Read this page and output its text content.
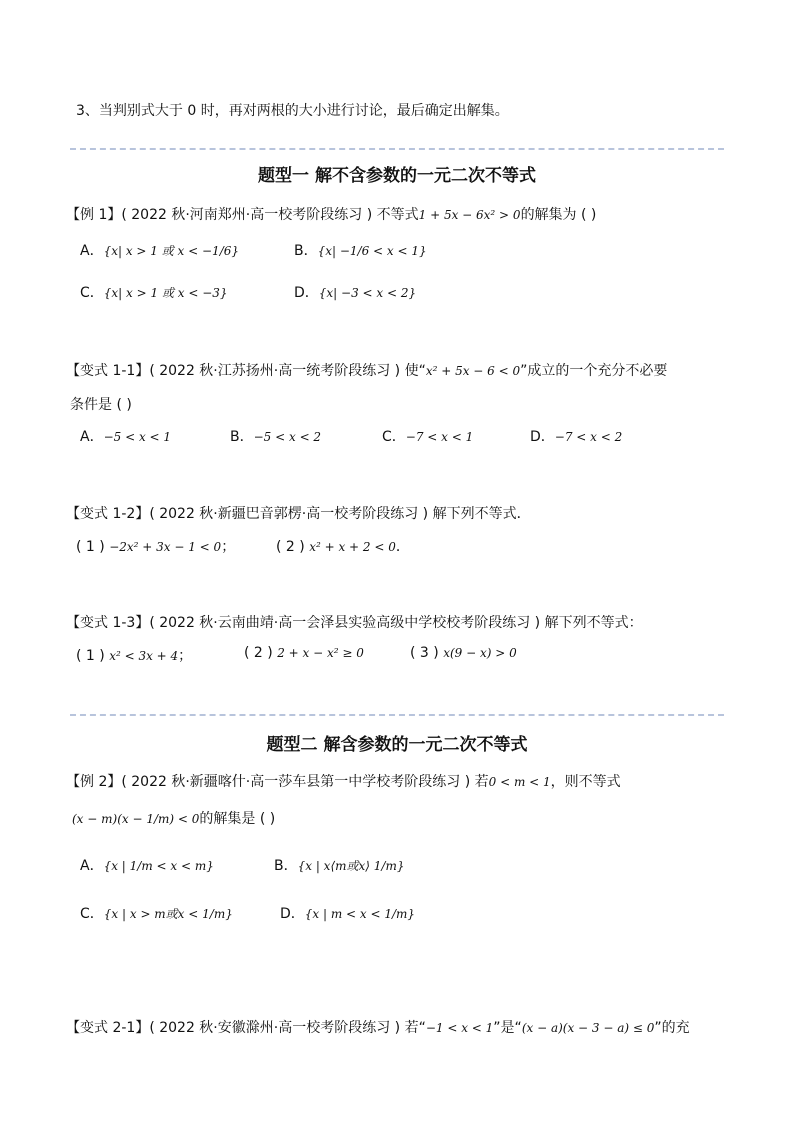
3、当判别式大于 0 时，再对两根的大小进行讨论，最后确定出解集。
题型一 解不含参数的一元二次不等式
【例 1】( 2022 秋·河南郑州·高一校考阶段练习 ) 不等式1 + 5x − 6x² > 0的解集为 ( )
A．{x| x > 1 或 x < −1/6}	B．{x| −1/6 < x < 1}
C．{x| x > 1 或 x < −3}	D．{x| −3 < x < 2}
【变式 1-1】( 2022 秋·江苏扬州·高一统考阶段练习 ) 使“x² + 5x − 6 < 0”成立的一个充分不必要
条件是 ( )
A．−5 < x < 1	B．−5 < x < 2	C．−7 < x < 1	D．−7 < x < 2
【变式 1-2】( 2022 秋·新疆巴音郭楞·高一校考阶段练习 ) 解下列不等式．
( 1 ) −2x² + 3x − 1 < 0；	( 2 ) x² + x + 2 < 0．
【变式 1-3】( 2022 秋·云南曲靖·高一会泽县实验高级中学校校考阶段练习 ) 解下列不等式：
( 1 ) x² < 3x + 4；	( 2 ) 2 + x − x² ≥ 0	( 3 ) x(9 − x) > 0
题型二 解含参数的一元二次不等式
【例 2】( 2022 秋·新疆喀什·高一莎车县第一中学校考阶段练习 ) 若0 < m < 1，则不等式
(x − m)(x − 1/m) < 0的解集是 ( )
A．{x | 1/m < x < m}	B．{x | x⟨m或x⟩ 1/m}
C．{x | x > m或x < 1/m}	D．{x | m < x < 1/m}
【变式 2-1】( 2022 秋·安徽滁州·高一校考阶段练习 ) 若“−1 < x < 1”是“(x − a)(x − 3 − a) ≤ 0”的充
